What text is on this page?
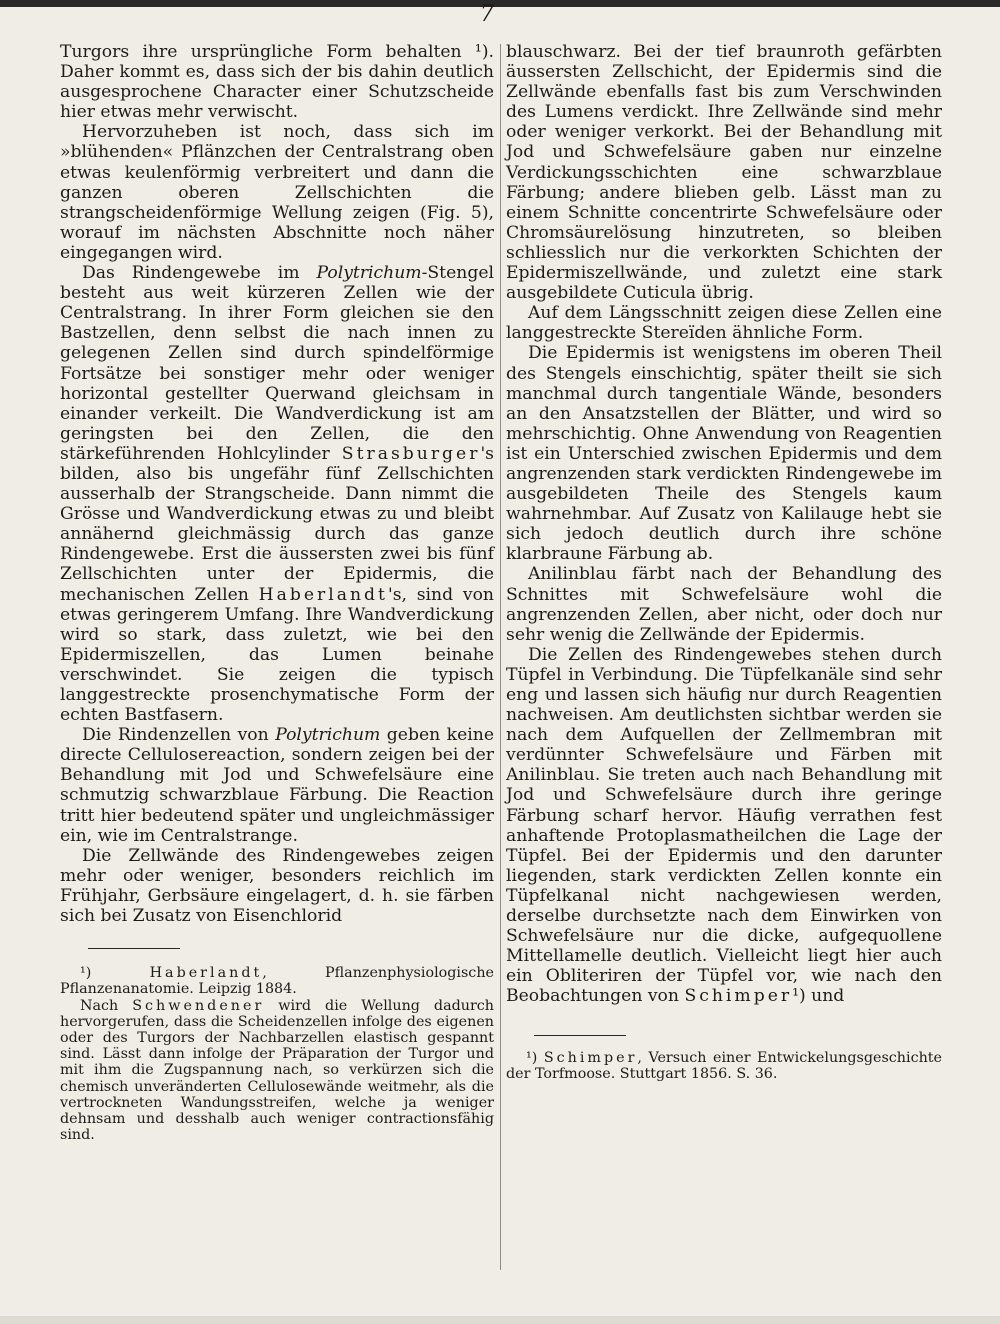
7

Turgors ihre ursprüngliche Form behalten ¹). Daher kommt es, dass sich der bis dahin deutlich ausgesprochene Character einer Schutzscheide hier etwas mehr verwischt.

Hervorzuheben ist noch, dass sich im »blühenden« Pflänzchen der Centralstrang oben etwas keulenförmig verbreitert und dann die ganzen oberen Zellschichten die strangscheidenförmige Wellung zeigen (Fig. 5), worauf im nächsten Abschnitte noch näher eingegangen wird.

Das Rindengewebe im Polytrichum-Stengel besteht aus weit kürzeren Zellen wie der Centralstrang. In ihrer Form gleichen sie den Bastzellen, denn selbst die nach innen zu gelegenen Zellen sind durch spindelförmige Fortsätze bei sonstiger mehr oder weniger horizontal gestellter Querwand gleichsam in einander verkeilt. Die Wandverdickung ist am geringsten bei den Zellen, die den stärkeführenden Hohlcylinder Strasburger's bilden, also bis ungefähr fünf Zellschichten ausserhalb der Strangscheide. Dann nimmt die Grösse und Wandverdickung etwas zu und bleibt annähernd gleichmässig durch das ganze Rindengewebe. Erst die äussersten zwei bis fünf Zellschichten unter der Epidermis, die mechanischen Zellen Haberlandt's, sind von etwas geringerem Umfang. Ihre Wandverdickung wird so stark, dass zuletzt, wie bei den Epidermiszellen, das Lumen beinahe verschwindet. Sie zeigen die typisch langgestreckte prosenchymatische Form der echten Bastfasern.

Die Rindenzellen von Polytrichum geben keine directe Cellulosereaction, sondern zeigen bei der Behandlung mit Jod und Schwefelsäure eine schmutzig schwarzblaue Färbung. Die Reaction tritt hier bedeutend später und ungleichmässiger ein, wie im Centralstrange.

Die Zellwände des Rindengewebes zeigen mehr oder weniger, besonders reichlich im Frühjahr, Gerbsäure eingelagert, d. h. sie färben sich bei Zusatz von Eisenchlorid

¹) Haberlandt, Pflanzenphysiologische Pflanzenanatomie. Leipzig 1884.

Nach Schwendener wird die Wellung dadurch hervorgerufen, dass die Scheidenzellen infolge des eigenen oder des Turgors der Nachbarzellen elastisch gespannt sind. Lässt dann infolge der Präparation der Turgor und mit ihm die Zugspannung nach, so verkürzen sich die chemisch unveränderten Cellulosewände weitmehr, als die vertrockneten Wandungsstreifen, welche ja weniger dehnsam und desshalb auch weniger contractionsfähig sind.

blauschwarz. Bei der tief braunroth gefärbten äussersten Zellschicht, der Epidermis sind die Zellwände ebenfalls fast bis zum Verschwinden des Lumens verdickt. Ihre Zellwände sind mehr oder weniger verkorkt. Bei der Behandlung mit Jod und Schwefelsäure gaben nur einzelne Verdickungsschichten eine schwarzblaue Färbung; andere blieben gelb. Lässt man zu einem Schnitte concentrirte Schwefelsäure oder Chromsäurelösung hinzutreten, so bleiben schliesslich nur die verkorkten Schichten der Epidermiszellwände, und zuletzt eine stark ausgebildete Cuticula übrig.

Auf dem Längsschnitt zeigen diese Zellen eine langgestreckte Stereïden ähnliche Form.

Die Epidermis ist wenigstens im oberen Theil des Stengels einschichtig, später theilt sie sich manchmal durch tangentiale Wände, besonders an den Ansatzstellen der Blätter, und wird so mehrschichtig. Ohne Anwendung von Reagentien ist ein Unterschied zwischen Epidermis und dem angrenzenden stark verdickten Rindengewebe im ausgebildeten Theile des Stengels kaum wahrnehmbar. Auf Zusatz von Kalilauge hebt sie sich jedoch deutlich durch ihre schöne klarbraune Färbung ab.

Anilinblau färbt nach der Behandlung des Schnittes mit Schwefelsäure wohl die angrenzenden Zellen, aber nicht, oder doch nur sehr wenig die Zellwände der Epidermis.

Die Zellen des Rindengewebes stehen durch Tüpfel in Verbindung. Die Tüpfelkanäle sind sehr eng und lassen sich häufig nur durch Reagentien nachweisen. Am deutlichsten sichtbar werden sie nach dem Aufquellen der Zellmembran mit verdünnter Schwefelsäure und Färben mit Anilinblau. Sie treten auch nach Behandlung mit Jod und Schwefelsäure durch ihre geringe Färbung scharf hervor. Häufig verrathen fest anhaftende Protoplasmatheilchen die Lage der Tüpfel. Bei der Epidermis und den darunter liegenden, stark verdickten Zellen konnte ein Tüpfelkanal nicht nachgewiesen werden, derselbe durchsetzte nach dem Einwirken von Schwefelsäure nur die dicke, aufgequollene Mittellamelle deutlich. Vielleicht liegt hier auch ein Obliteriren der Tüpfel vor, wie nach den Beobachtungen von Schimper¹) und

¹) Schimper, Versuch einer Entwickelungsgeschichte der Torfmoose. Stuttgart 1856. S. 36.
